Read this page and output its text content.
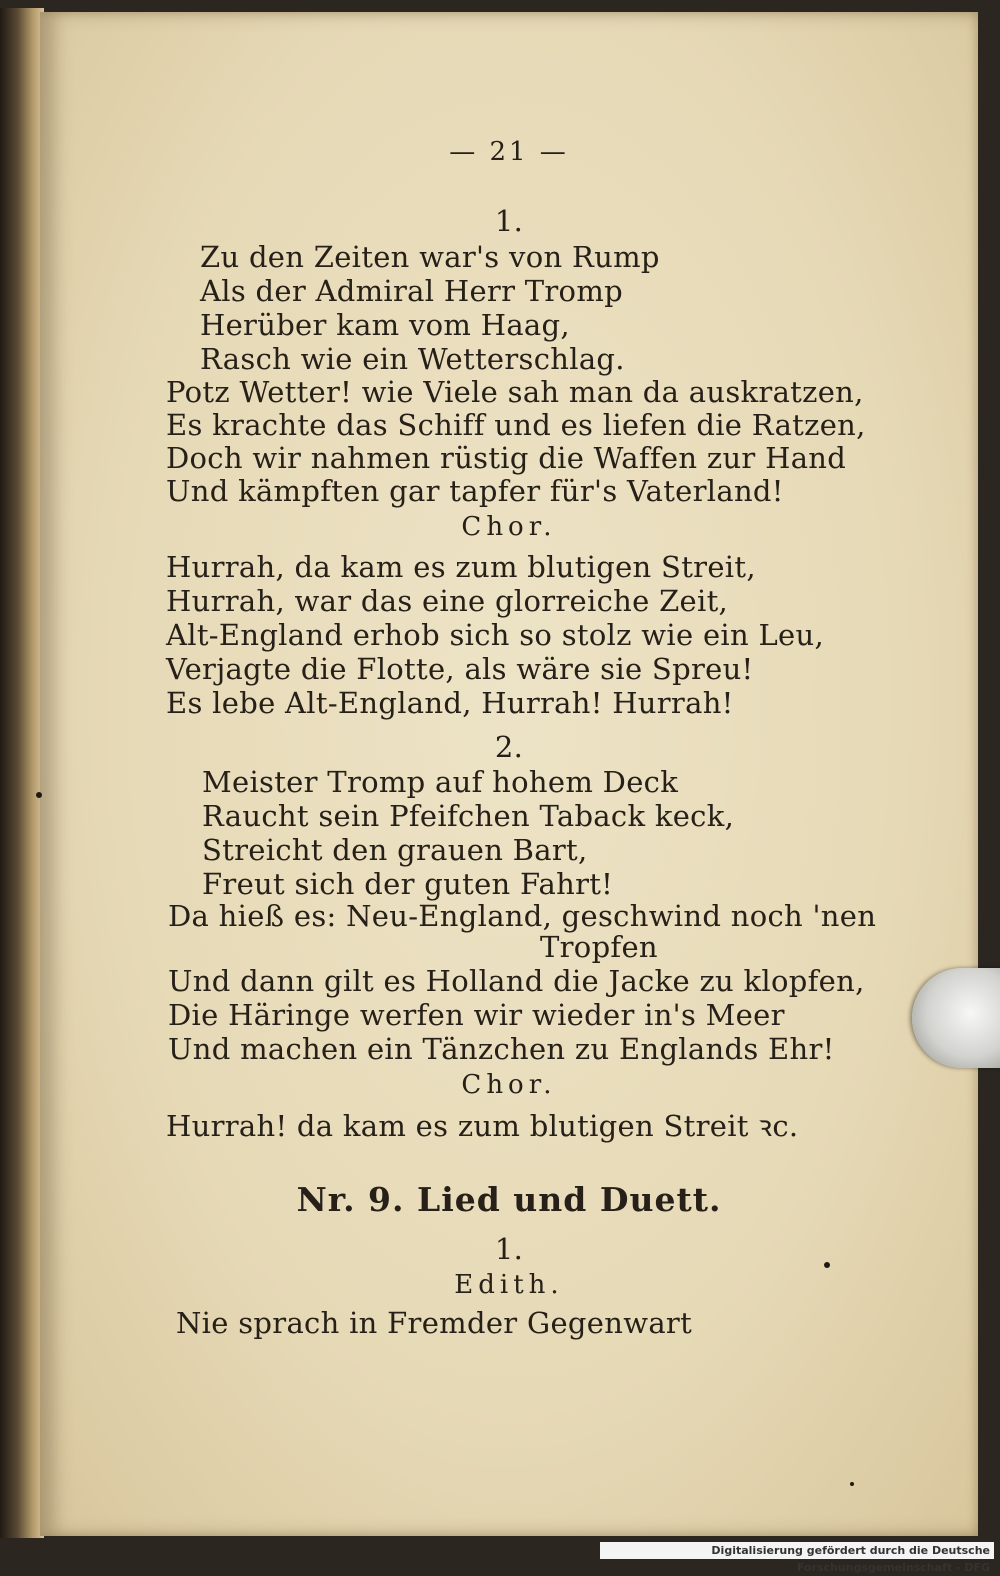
— 21 —
1.
Zu den Zeiten war's von Rump
Als der Admiral Herr Tromp
Herüber kam vom Haag,
Rasch wie ein Wetterschlag.
Potz Wetter! wie Viele sah man da auskratzen,
Es krachte das Schiff und es liefen die Ratzen,
Doch wir nahmen rüstig die Waffen zur Hand
Und kämpften gar tapfer für's Vaterland!
Chor.
Hurrah, da kam es zum blutigen Streit,
Hurrah, war das eine glorreiche Zeit,
Alt-England erhob sich so stolz wie ein Leu,
Verjagte die Flotte, als wäre sie Spreu!
Es lebe Alt-England, Hurrah! Hurrah!
2.
Meister Tromp auf hohem Deck
Raucht sein Pfeifchen Taback keck,
Streicht den grauen Bart,
Freut sich der guten Fahrt!
Da hieß es: Neu-England, geschwind noch 'nen
Tropfen
Und dann gilt es Holland die Jacke zu klopfen,
Die Häringe werfen wir wieder in's Meer
Und machen ein Tänzchen zu Englands Ehr!
Chor.
Hurrah! da kam es zum blutigen Streit ꝛc.
Nr. 9. Lied und Duett.
1.
Edith.
Nie sprach in Fremder Gegenwart
Digitalisierung gefördert durch die Deutsche Forschungsgemeinschaft - DFG
